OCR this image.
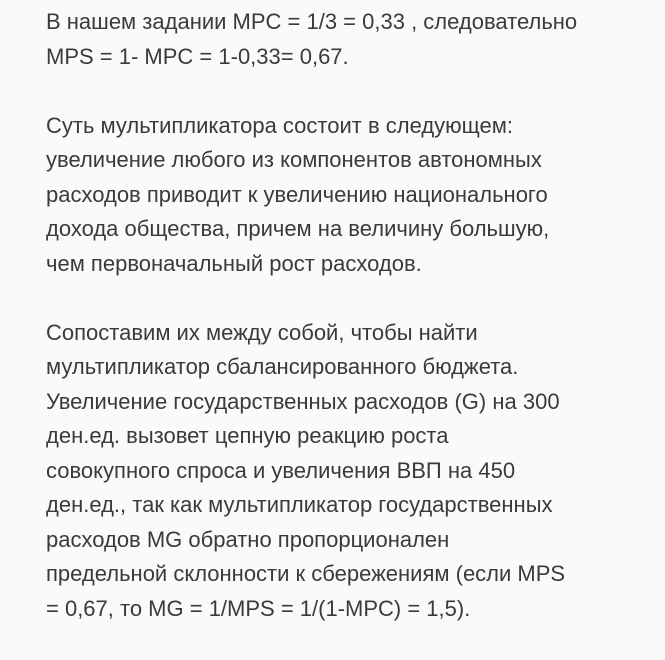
В нашем задании MPC = 1/3 = 0,33 , следовательно
MPS = 1- MPC = 1-0,33= 0,67.
Суть мультипликатора состоит в следующем:
увеличение любого из компонентов автономных
расходов приводит к увеличению национального
дохода общества, причем на величину большую,
чем первоначальный рост расходов.
Сопоставим их между собой, чтобы найти
мультипликатор сбалансированного бюджета.
Увеличение государственных расходов (G) на 300
ден.ед. вызовет цепную реакцию роста
совокупного спроса и увеличения ВВП на 450
ден.ед., так как мультипликатор государственных
расходов MG обратно пропорционален
предельной склонности к сбережениям (если MPS
= 0,67, то MG = 1/MPS = 1/(1-MPC) = 1,5).
